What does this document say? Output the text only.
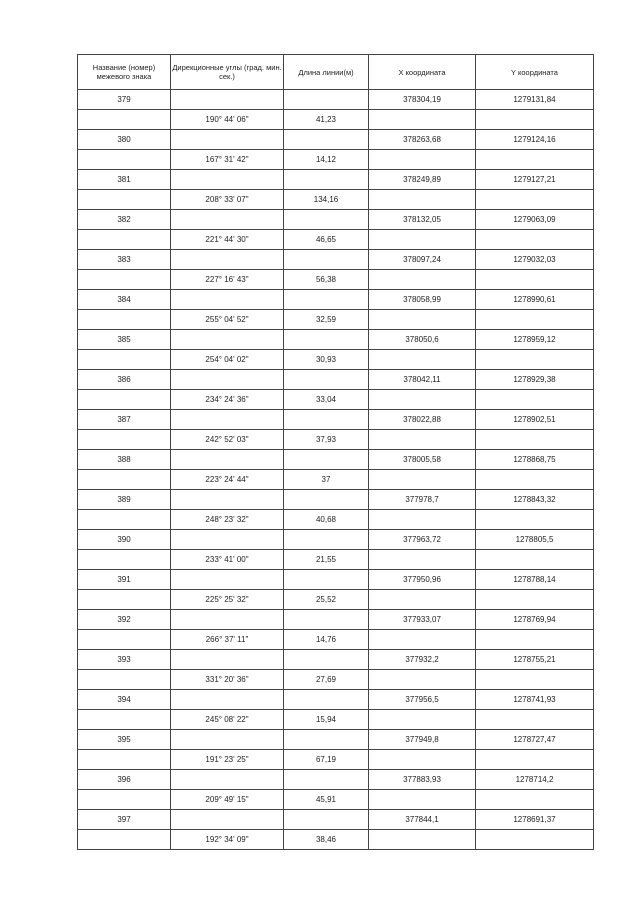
Название (номер) межевого знака	Дирекционные углы (град. мин. сек.)	Длина линии(м)	X координата	Y координата
379			378304,19	1279131,84
	190° 44' 06"	41,23		
380			378263,68	1279124,16
	167° 31' 42"	14,12		
381			378249,89	1279127,21
	208° 33' 07"	134,16		
382			378132,05	1279063,09
	221° 44' 30"	46,65		
383			378097,24	1279032,03
	227° 16' 43"	56,38		
384			378058,99	1278990,61
	255° 04' 52"	32,59		
385			378050,6	1278959,12
	254° 04' 02"	30,93		
386			378042,11	1278929,38
	234° 24' 36"	33,04		
387			378022,88	1278902,51
	242° 52' 03"	37,93		
388			378005,58	1278868,75
	223° 24' 44"	37		
389			377978,7	1278843,32
	248° 23' 32"	40,68		
390			377963,72	1278805,5
	233° 41' 00"	21,55		
391			377950,96	1278788,14
	225° 25' 32"	25,52		
392			377933,07	1278769,94
	266° 37' 11"	14,76		
393			377932,2	1278755,21
	331° 20' 36"	27,69		
394			377956,5	1278741,93
	245° 08' 22"	15,94		
395			377949,8	1278727,47
	191° 23' 25"	67,19		
396			377883,93	1278714,2
	209° 49' 15"	45,91		
397			377844,1	1278691,37
	192° 34' 09"	38,46		
